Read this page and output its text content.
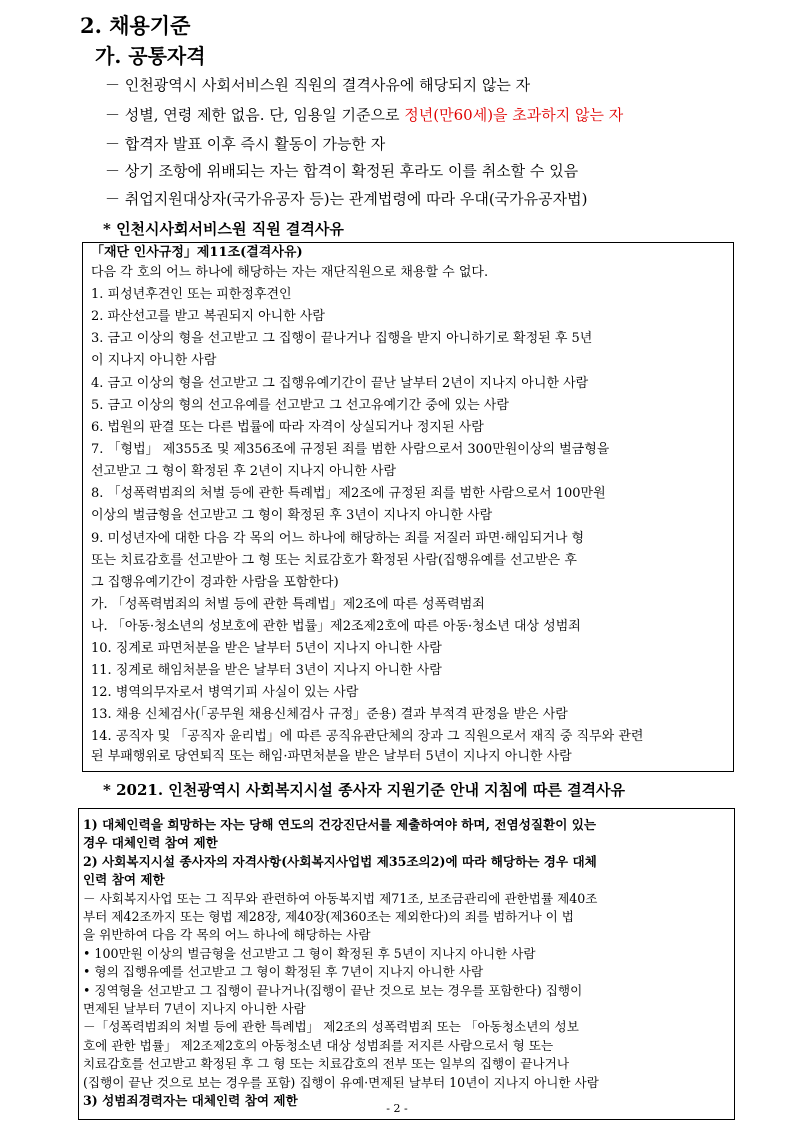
2. 채용기준
가. 공통자격
－ 인천광역시 사회서비스원 직원의 결격사유에 해당되지 않는 자
－ 성별, 연령 제한 없음. 단, 임용일 기준으로 정년(만60세)을 초과하지 않는 자
－ 합격자 발표 이후 즉시 활동이 가능한 자
－ 상기 조항에 위배되는 자는 합격이 확정된 후라도 이를 취소할 수 있음
－ 취업지원대상자(국가유공자 등)는 관계법령에 따라 우대(국가유공자법)
* 인천시사회서비스원 직원 결격사유
「재단 인사규정」제11조(결격사유)
다음 각 호의 어느 하나에 해당하는 자는 재단직원으로 채용할 수 없다.
1. 피성년후견인 또는 피한정후견인
2. 파산선고를 받고 복권되지 아니한 사람
3. 금고 이상의 형을 선고받고 그 집행이 끝나거나 집행을 받지 아니하기로 확정된 후 5년
이 지나지 아니한 사람
4. 금고 이상의 형을 선고받고 그 집행유예기간이 끝난 날부터 2년이 지나지 아니한 사람
5. 금고 이상의 형의 선고유예를 선고받고 그 선고유예기간 중에 있는 사람
6. 법원의 판결 또는 다른 법률에 따라 자격이 상실되거나 정지된 사람
7. 「형법」 제355조 및 제356조에 규정된 죄를 범한 사람으로서 300만원이상의 벌금형을
선고받고 그 형이 확정된 후 2년이 지나지 아니한 사람
8. 「성폭력범죄의 처벌 등에 관한 특례법」제2조에 규정된 죄를 범한 사람으로서 100만원
이상의 벌금형을 선고받고 그 형이 확정된 후 3년이 지나지 아니한 사람
9. 미성년자에 대한 다음 각 목의 어느 하나에 해당하는 죄를 저질러 파면·해임되거나 형
또는 치료감호를 선고받아 그 형 또는 치료감호가 확정된 사람(집행유예를 선고받은 후
그 집행유예기간이 경과한 사람을 포함한다)
가. 「성폭력범죄의 처벌 등에 관한 특례법」제2조에 따른 성폭력범죄
나. 「아동·청소년의 성보호에 관한 법률」제2조제2호에 따른 아동·청소년 대상 성범죄
10. 징계로 파면처분을 받은 날부터 5년이 지나지 아니한 사람
11. 징계로 해임처분을 받은 날부터 3년이 지나지 아니한 사람
12. 병역의무자로서 병역기피 사실이 있는 사람
13. 채용 신체검사(「공무원 채용신체검사 규정」준용) 결과 부적격 판정을 받은 사람
14. 공직자 및 「공직자 윤리법」에 따른 공직유관단체의 장과 그 직원으로서 재직 중 직무와 관련
된 부패행위로 당연퇴직 또는 해임·파면처분을 받은 날부터 5년이 지나지 아니한 사람
* 2021. 인천광역시 사회복지시설 종사자 지원기준 안내 지침에 따른 결격사유
1) 대체인력을 희망하는 자는 당해 연도의 건강진단서를 제출하여야 하며, 전염성질환이 있는
경우 대체인력 참여 제한
2) 사회복지시설 종사자의 자격사항(사회복지사업법 제35조의2)에 따라 해당하는 경우 대체
인력 참여 제한
－ 사회복지사업 또는 그 직무와 관련하여 아동복지법 제71조, 보조금관리에 관한법률 제40조
부터 제42조까지 또는 형법 제28장, 제40장(제360조는 제외한다)의 죄를 범하거나 이 법
을 위반하여 다음 각 목의 어느 하나에 해당하는 사람
• 100만원 이상의 벌금형을 선고받고 그 형이 확정된 후 5년이 지나지 아니한 사람
• 형의 집행유예를 선고받고 그 형이 확정된 후 7년이 지나지 아니한 사람
• 징역형을 선고받고 그 집행이 끝나거나(집행이 끝난 것으로 보는 경우를 포함한다) 집행이
면제된 날부터 7년이 지나지 아니한 사람
－「성폭력범죄의 처벌 등에 관한 특례법」 제2조의 성폭력범죄 또는 「아동청소년의 성보
호에 관한 법률」 제2조제2호의 아동청소년 대상 성범죄를 저지른 사람으로서 형 또는
치료감호를 선고받고 확정된 후 그 형 또는 치료감호의 전부 또는 일부의 집행이 끝나거나
(집행이 끝난 것으로 보는 경우를 포함) 집행이 유예·면제된 날부터 10년이 지나지 아니한 사람
3) 성범죄경력자는 대체인력 참여 제한
- 2 -
